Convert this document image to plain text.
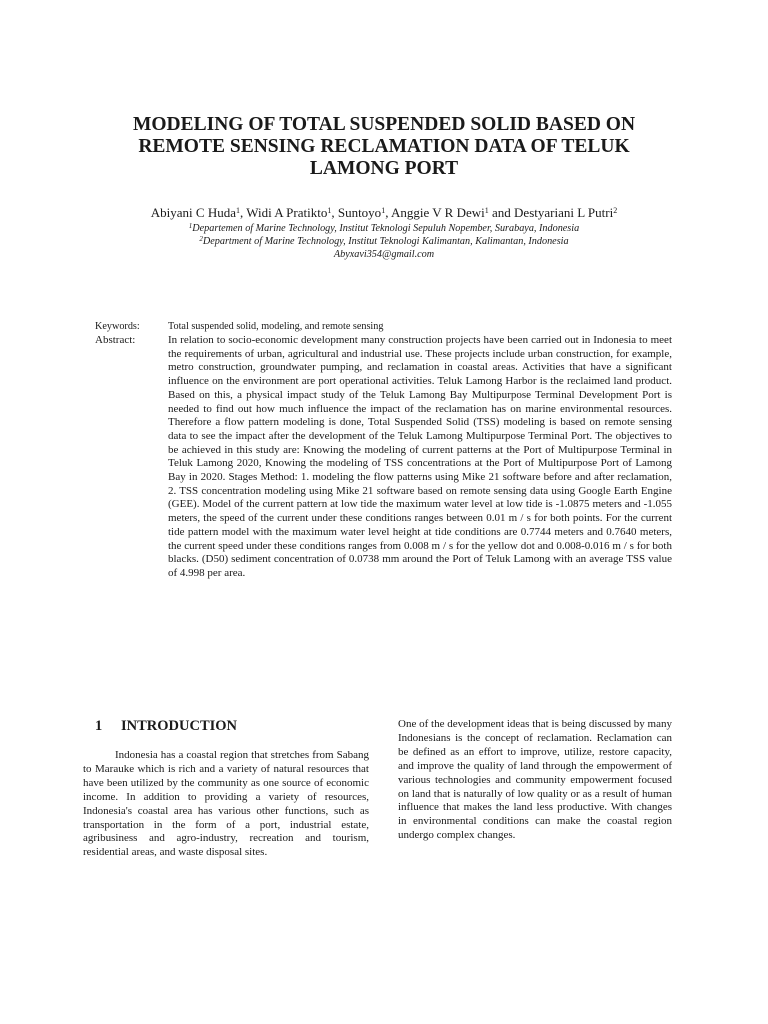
MODELING OF TOTAL SUSPENDED SOLID BASED ON REMOTE SENSING RECLAMATION DATA OF TELUK LAMONG PORT
Abiyani C Huda$^1$, Widi A Pratikto$^1$, Suntoyo$^1$, Anggie V R Dewi$^1$ and Destyariani L Putri$^2$
$^1$Departemen of Marine Technology, Institut Teknologi Sepuluh Nopember, Surabaya, Indonesia
$^2$Department of Marine Technology, Institut Teknologi Kalimantan, Kalimantan, Indonesia
Abyxavi354@gmail.com
Keywords:	Total suspended solid, modeling, and remote sensing
Abstract:	In relation to socio-economic development many construction projects have been carried out in Indonesia to meet the requirements of urban, agricultural and industrial use. These projects include urban construction, for example, metro construction, groundwater pumping, and reclamation in coastal areas. Activities that have a significant influence on the environment are port operational activities. Teluk Lamong Harbor is the reclaimed land product. Based on this, a physical impact study of the Teluk Lamong Bay Multipurpose Terminal Development Port is needed to find out how much influence the impact of the reclamation has on marine environmental resources. Therefore a flow pattern modeling is done, Total Suspended Solid (TSS) modeling is based on remote sensing data to see the impact after the development of the Teluk Lamong Multipurpose Terminal Port. The objectives to be achieved in this study are: Knowing the modeling of current patterns at the Port of Multipurpose Terminal in Teluk Lamong 2020, Knowing the modeling of TSS concentrations at the Port of Multipurpose Port of Lamong Bay in 2020. Stages Method: 1. modeling the flow patterns using Mike 21 software before and after reclamation, 2. TSS concentration modeling using Mike 21 software based on remote sensing data using Google Earth Engine (GEE). Model of the current pattern at low tide the maximum water level at low tide is -1.0875 meters and -1.055 meters, the speed of the current under these conditions ranges between 0.01 m / s for both points. For the current tide pattern model with the maximum water level height at tide conditions are 0.7744 meters and 0.7640 meters, the current speed under these conditions ranges from 0.008 m / s for the yellow dot and 0.008-0.016 m / s for both blacks. (D50) sediment concentration of 0.0738 mm around the Port of Teluk Lamong with an average TSS value of 4.998 per area.

1 INTRODUCTION

Indonesia has a coastal region that stretches from Sabang to Marauke which is rich and a variety of natural resources that have been utilized by the community as one source of economic income. In addition to providing a variety of resources, Indonesia's coastal area has various other functions, such as transportation in the form of a port, industrial estate, agribusiness and agro-industry, recreation and tourism, residential areas, and waste disposal sites.

One of the development ideas that is being discussed by many Indonesians is the concept of reclamation. Reclamation can be defined as an effort to improve, utilize, restore capacity, and improve the quality of land through the empowerment of various technologies and community empowerment focused on land that is naturally of low quality or as a result of human influence that makes the land less productive. With changes in environmental conditions can make the coastal region undergo complex changes.
